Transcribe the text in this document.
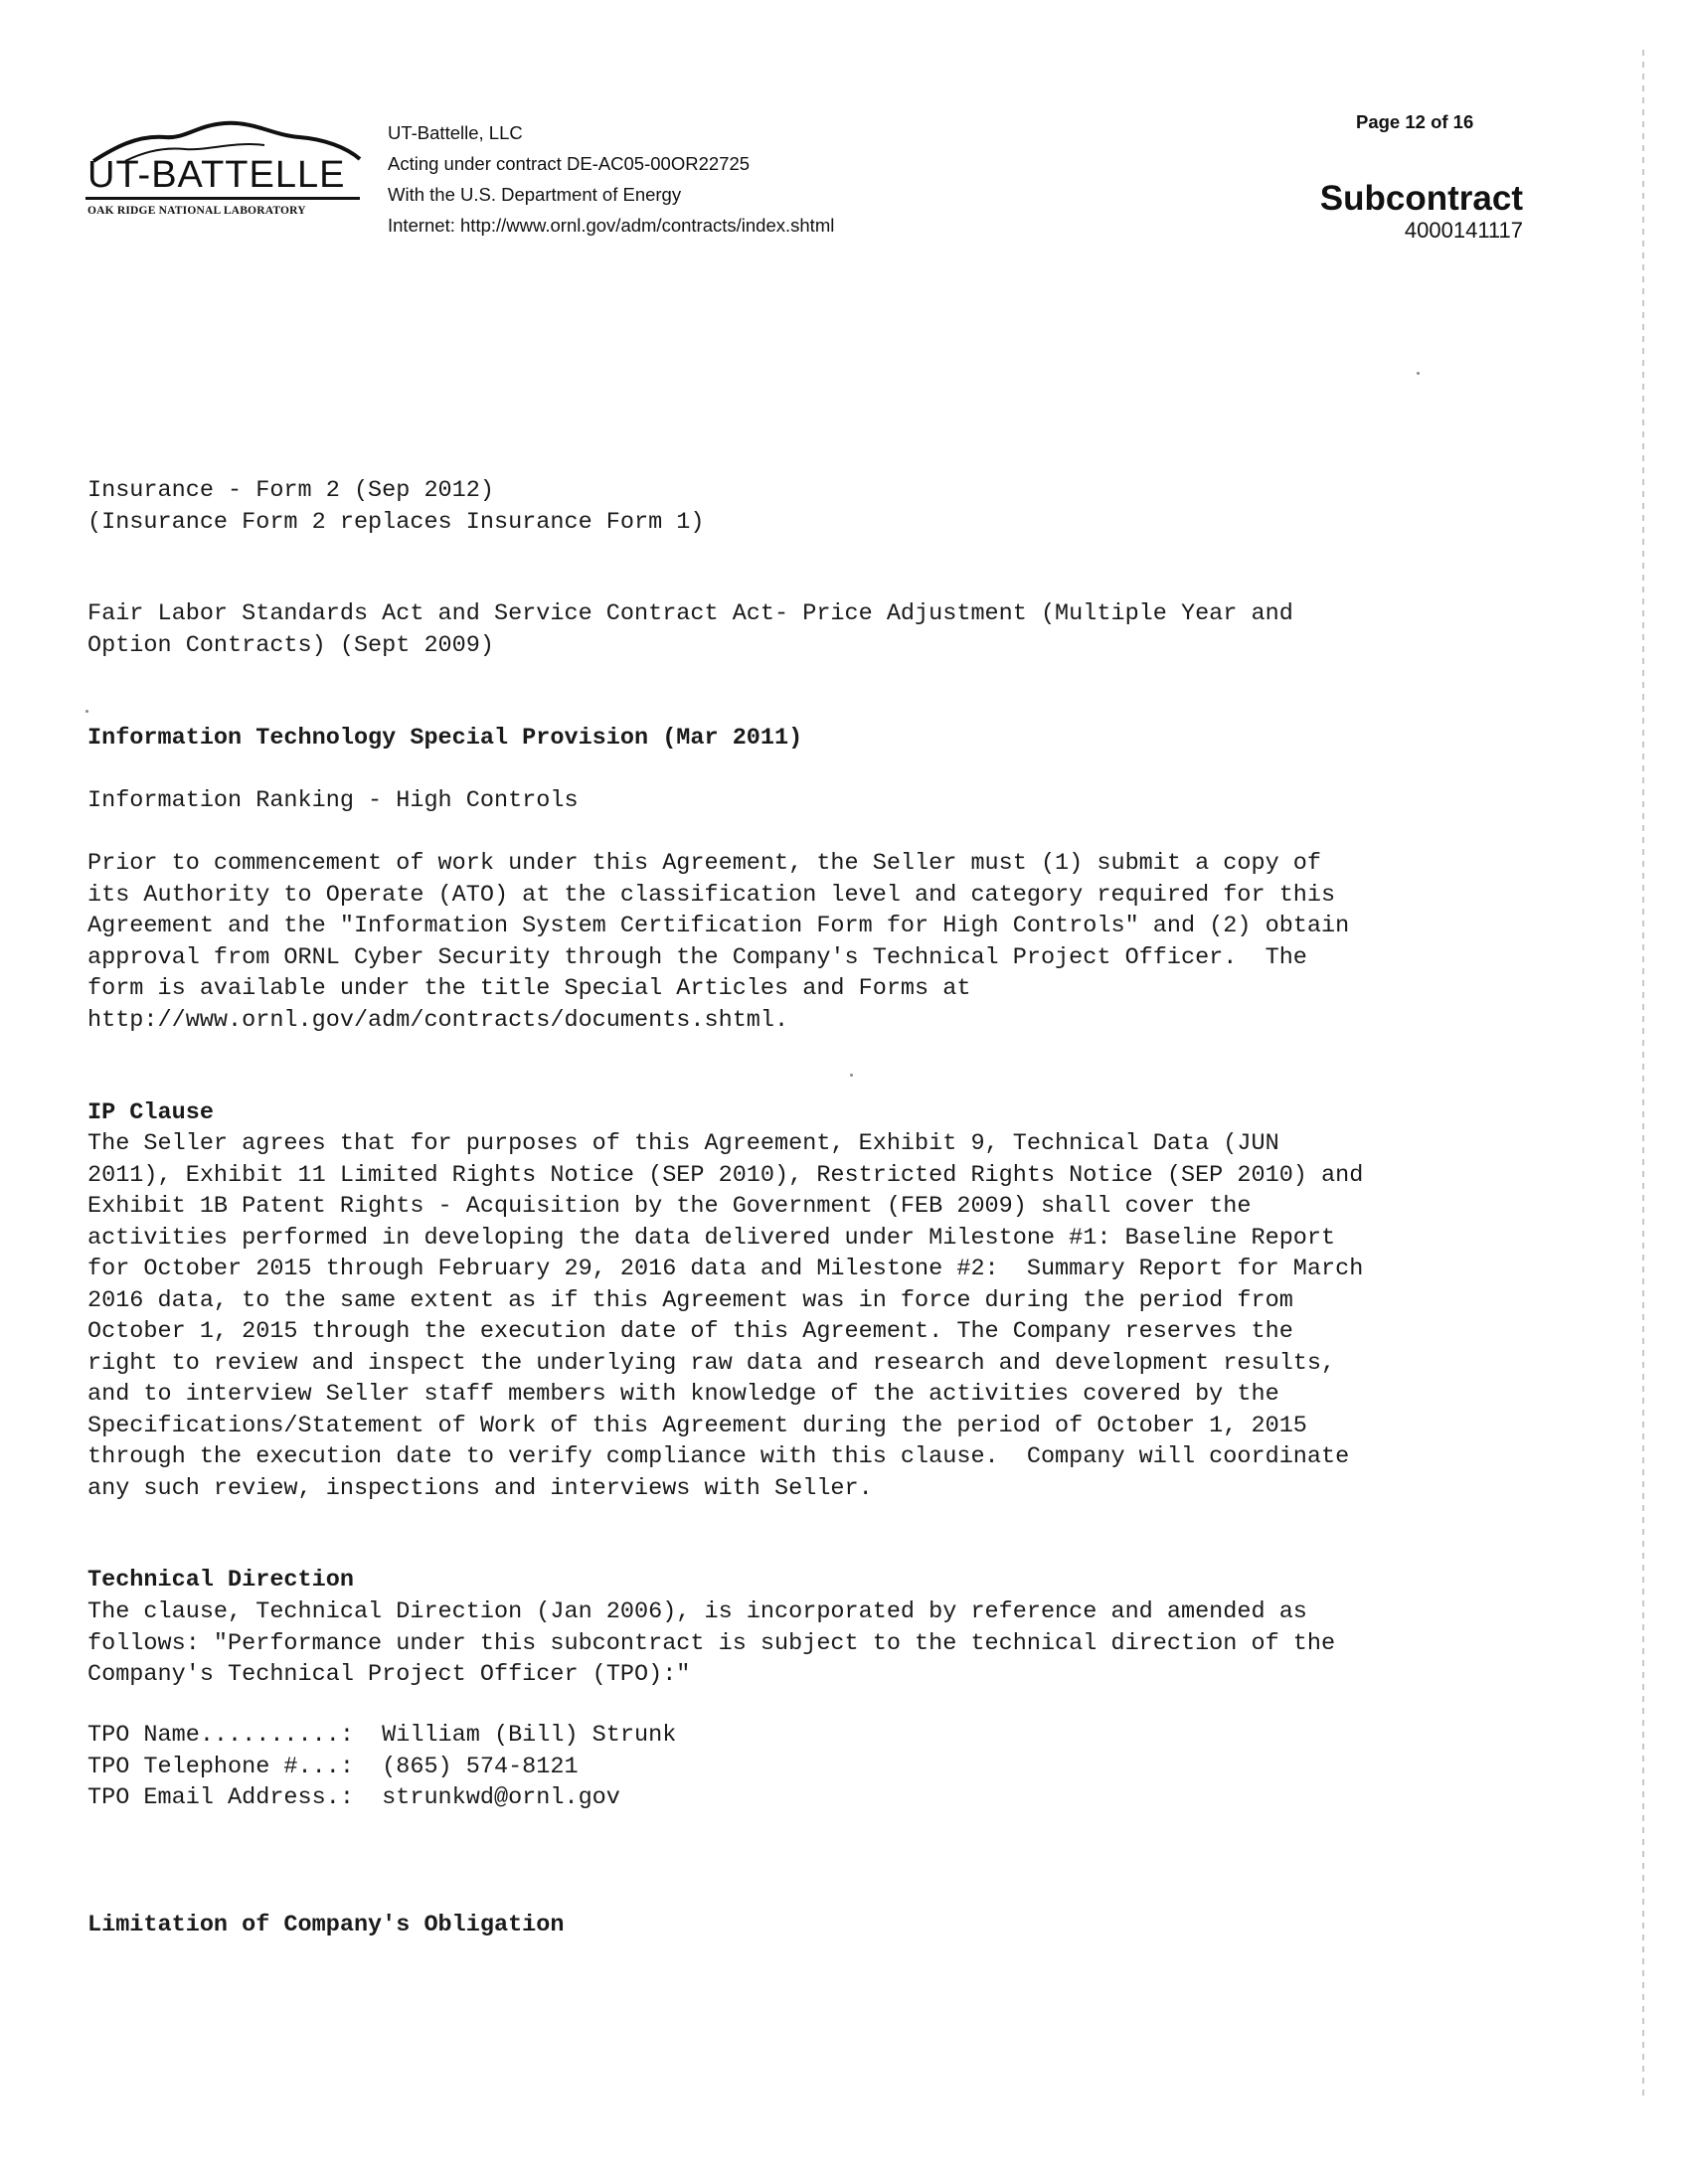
UT-BATTELLE
OAK RIDGE NATIONAL LABORATORY
UT-Battelle, LLC
Acting under contract DE-AC05-00OR22725
With the U.S. Department of Energy
Internet: http://www.ornl.gov/adm/contracts/index.shtml
Page 12 of 16
Subcontract
4000141117
Insurance - Form 2 (Sep 2012)
(Insurance Form 2 replaces Insurance Form 1)
Fair Labor Standards Act and Service Contract Act- Price Adjustment (Multiple Year and
Option Contracts) (Sept 2009)
Information Technology Special Provision (Mar 2011)
Information Ranking - High Controls
Prior to commencement of work under this Agreement, the Seller must (1) submit a copy of
its Authority to Operate (ATO) at the classification level and category required for this
Agreement and the "Information System Certification Form for High Controls" and (2) obtain
approval from ORNL Cyber Security through the Company's Technical Project Officer.  The
form is available under the title Special Articles and Forms at
http://www.ornl.gov/adm/contracts/documents.shtml.
IP Clause
The Seller agrees that for purposes of this Agreement, Exhibit 9, Technical Data (JUN
2011), Exhibit 11 Limited Rights Notice (SEP 2010), Restricted Rights Notice (SEP 2010) and
Exhibit 1B Patent Rights - Acquisition by the Government (FEB 2009) shall cover the
activities performed in developing the data delivered under Milestone #1: Baseline Report
for October 2015 through February 29, 2016 data and Milestone #2:  Summary Report for March
2016 data, to the same extent as if this Agreement was in force during the period from
October 1, 2015 through the execution date of this Agreement. The Company reserves the
right to review and inspect the underlying raw data and research and development results,
and to interview Seller staff members with knowledge of the activities covered by the
Specifications/Statement of Work of this Agreement during the period of October 1, 2015
through the execution date to verify compliance with this clause.  Company will coordinate
any such review, inspections and interviews with Seller.
Technical Direction
The clause, Technical Direction (Jan 2006), is incorporated by reference and amended as
follows: "Performance under this subcontract is subject to the technical direction of the
Company's Technical Project Officer (TPO):"
TPO Name..........:  William (Bill) Strunk
TPO Telephone #...:  (865) 574-8121
TPO Email Address.:  strunkwd@ornl.gov
Limitation of Company's Obligation
